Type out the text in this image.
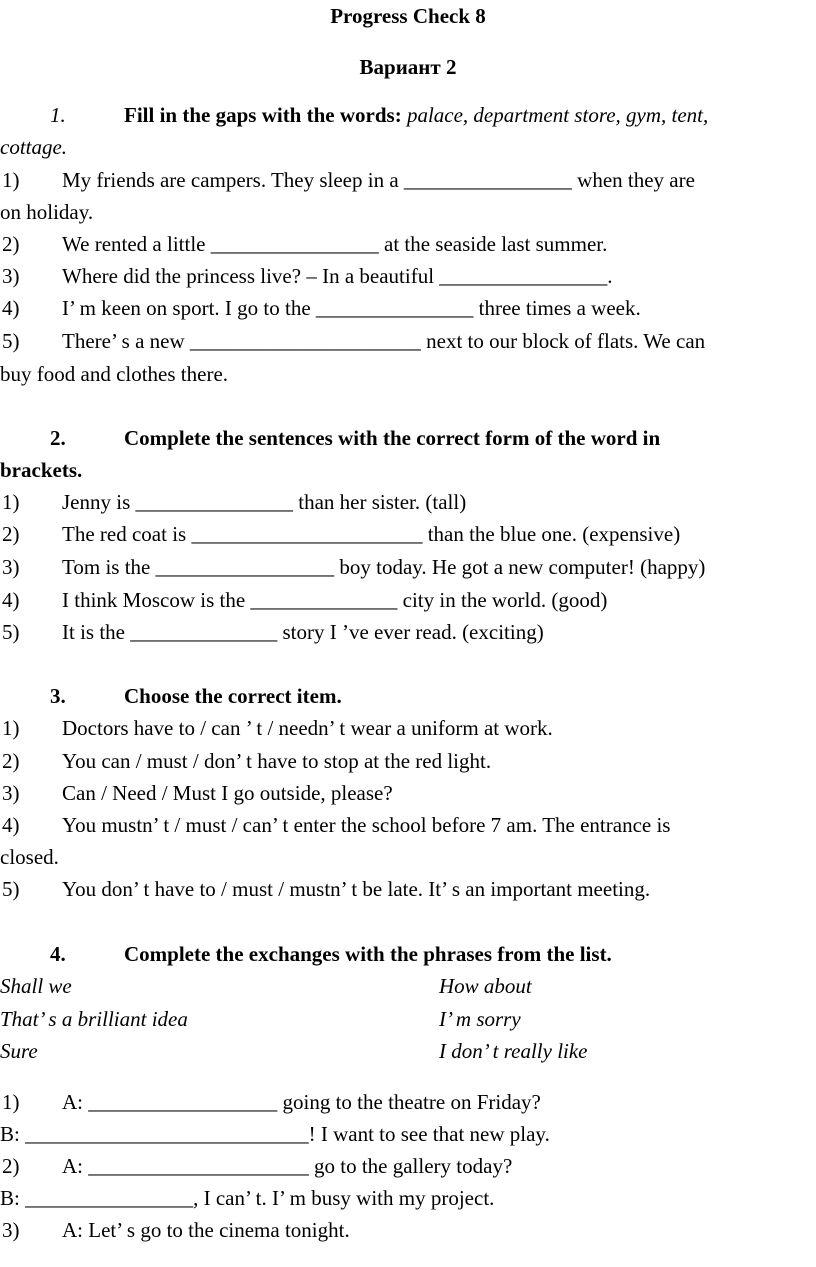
Progress Check 8
Вариант 2
1.	Fill in the gaps with the words: palace, department store, gym, tent,
cottage.
1) My friends are campers. They sleep in a ________________ when they are
on holiday.
2) We rented a little ________________ at the seaside last summer.
3) Where did the princess live? – In a beautiful ________________.
4) I’ m keen on sport. I go to the _______________ three times a week.
5) There’ s a new ______________________ next to our block of flats. We can
buy food and clothes there.
2.	Complete the sentences with the correct form of the word in
brackets.
1) Jenny is _______________ than her sister. (tall)
2) The red coat is ______________________ than the blue one. (expensive)
3) Tom is the _________________ boy today. He got a new computer! (happy)
4) I think Moscow is the ______________ city in the world. (good)
5) It is the ______________ story I ’ve ever read. (exciting)
3.	Choose the correct item.
1) Doctors have to / can ’ t / needn’ t wear a uniform at work.
2) You can / must / don’ t have to stop at the red light.
3) Can / Need / Must I go outside, please?
4) You mustn’ t / must / can’ t enter the school before 7 am. The entrance is
closed.
5) You don’ t have to / must / mustn’ t be late. It’ s an important meeting.
4.	Complete the exchanges with the phrases from the list.
Shall we	How about
That’ s a brilliant idea	I’ m sorry
Sure	I don’ t really like
1) A: __________________ going to the theatre on Friday?
B: ___________________________! I want to see that new play.
2) A: _____________________ go to the gallery today?
B: ________________, I can’ t. I’ m busy with my project.
3) A: Let’ s go to the cinema tonight.
